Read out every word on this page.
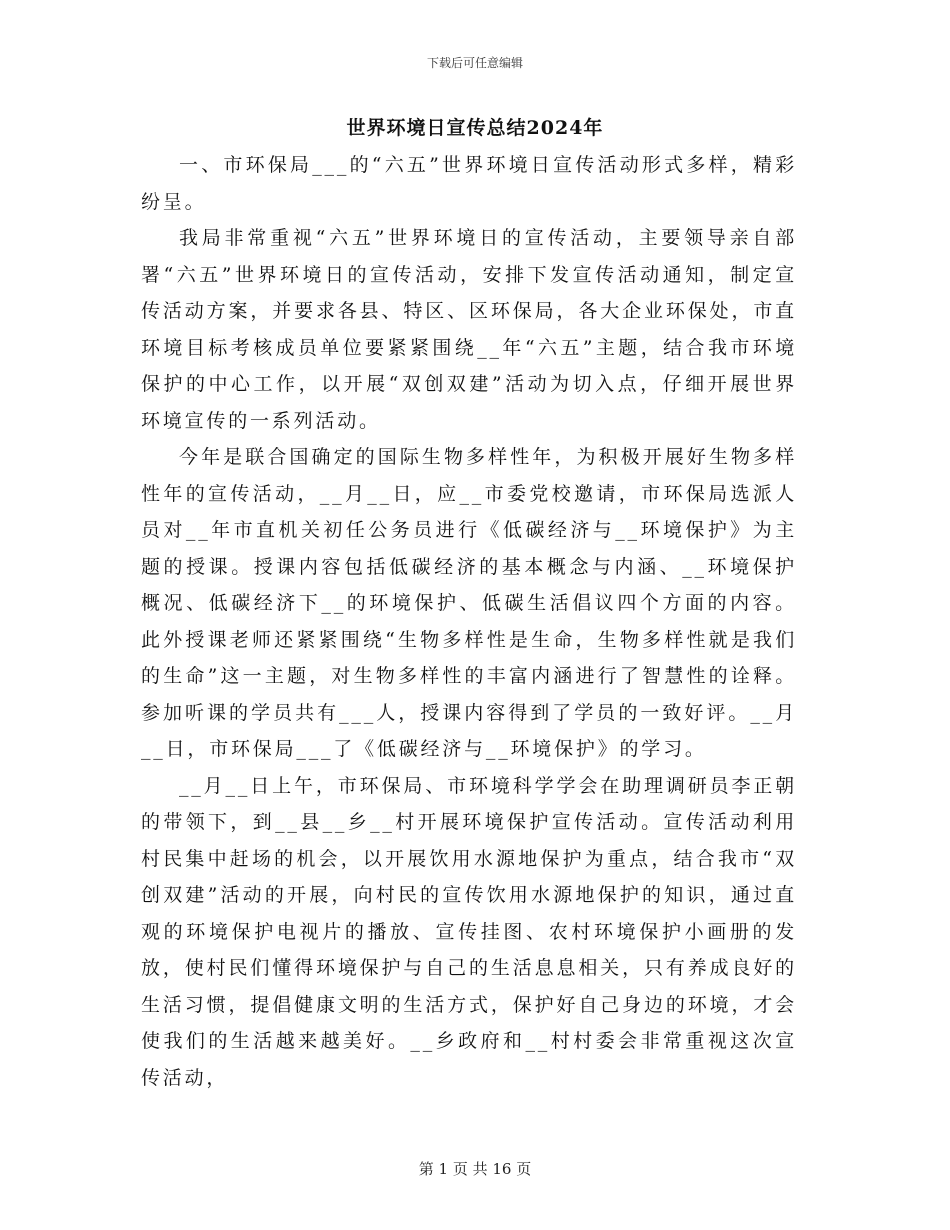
下载后可任意编辑
世界环境日宣传总结2024年

一、市环保局___的“六五”世界环境日宣传活动形式多样，精彩纷呈。

我局非常重视“六五”世界环境日的宣传活动，主要领导亲自部署“六五”世界环境日的宣传活动，安排下发宣传活动通知，制定宣传活动方案，并要求各县、特区、区环保局，各大企业环保处，市直环境目标考核成员单位要紧紧围绕__年“六五”主题，结合我市环境保护的中心工作，以开展“双创双建”活动为切入点，仔细开展世界环境宣传的一系列活动。

今年是联合国确定的国际生物多样性年，为积极开展好生物多样性年的宣传活动，__月__日，应__市委党校邀请，市环保局选派人员对__年市直机关初任公务员进行《低碳经济与__环境保护》为主题的授课。授课内容包括低碳经济的基本概念与内涵、__环境保护概况、低碳经济下__的环境保护、低碳生活倡议四个方面的内容。此外授课老师还紧紧围绕“生物多样性是生命，生物多样性就是我们的生命”这一主题，对生物多样性的丰富内涵进行了智慧性的诠释。参加听课的学员共有___人，授课内容得到了学员的一致好评。__月__日，市环保局___了《低碳经济与__环境保护》的学习。

__月__日上午，市环保局、市环境科学学会在助理调研员李正朝的带领下，到__县__乡__村开展环境保护宣传活动。宣传活动利用村民集中赶场的机会，以开展饮用水源地保护为重点，结合我市“双创双建”活动的开展，向村民的宣传饮用水源地保护的知识，通过直观的环境保护电视片的播放、宣传挂图、农村环境保护小画册的发放，使村民们懂得环境保护与自己的生活息息相关，只有养成良好的生活习惯，提倡健康文明的生活方式，保护好自己身边的环境，才会使我们的生活越来越美好。__乡政府和__村村委会非常重视这次宣传活动，

第 1 页 共 16 页
